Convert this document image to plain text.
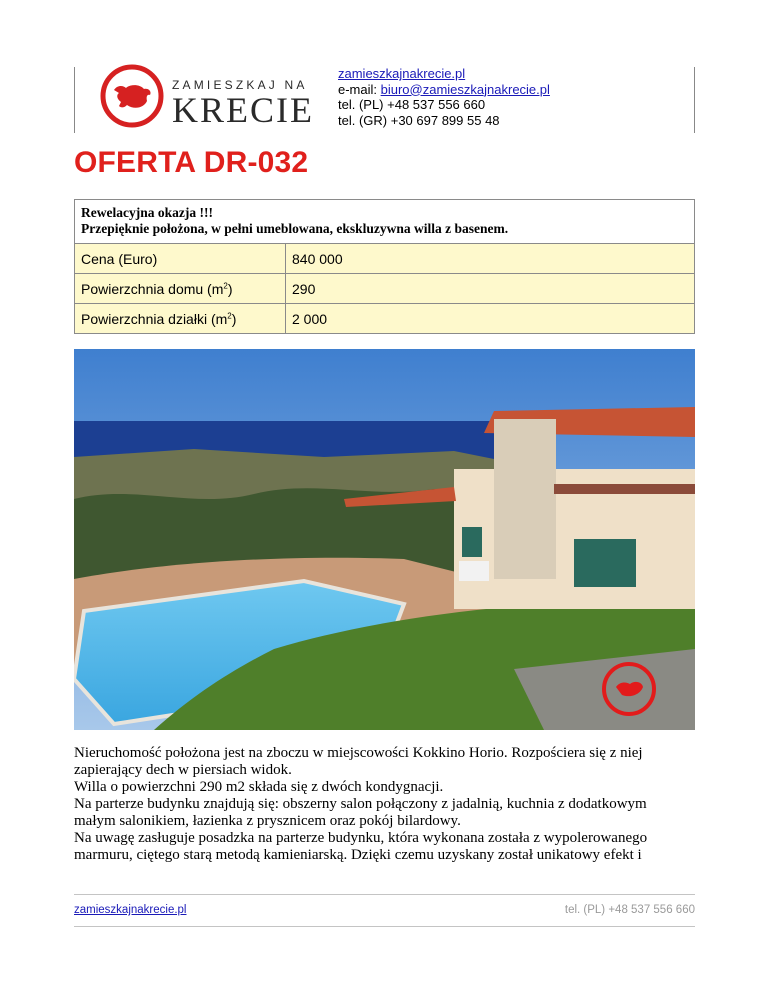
ZAMIESZKAJ NA
KRECIE
zamieszkajnakrecie.pl
e-mail: biuro@zamieszkajnakrecie.pl
tel. (PL) +48 537 556 660
tel. (GR) +30 697 899 55 48
OFERTA DR-032
Rewelacyjna okazja !!!
Przepięknie położona, w pełni umeblowana, ekskluzywna willa z basenem.	

Cena (Euro)	840 000
Powierzchnia domu $(m^2)$	290
Powierzchnia działki $(m^2)$	2 000

Nieruchomość położona jest na zboczu w miejscowości Kokkino Horio. Rozpościera się z niej

zapierający dech w piersiach widok.

Willa o powierzchni 290 m2 składa się z dwóch kondygnacji.

Na parterze budynku znajdują się: obszerny salon połączony z jadalnią, kuchnia z dodatkowym

małym salonikiem, łazienka z prysznicem oraz pokój bilardowy.

Na uwagę zasługuje posadzka na parterze budynku, która wykonana została z wypolerowanego

marmuru, ciętego starą metodą kamieniarską. Dzięki czemu uzyskany został unikatowy efekt i

zamieszkajnakrecie.pl	tel. (PL) +48 537 556 660
